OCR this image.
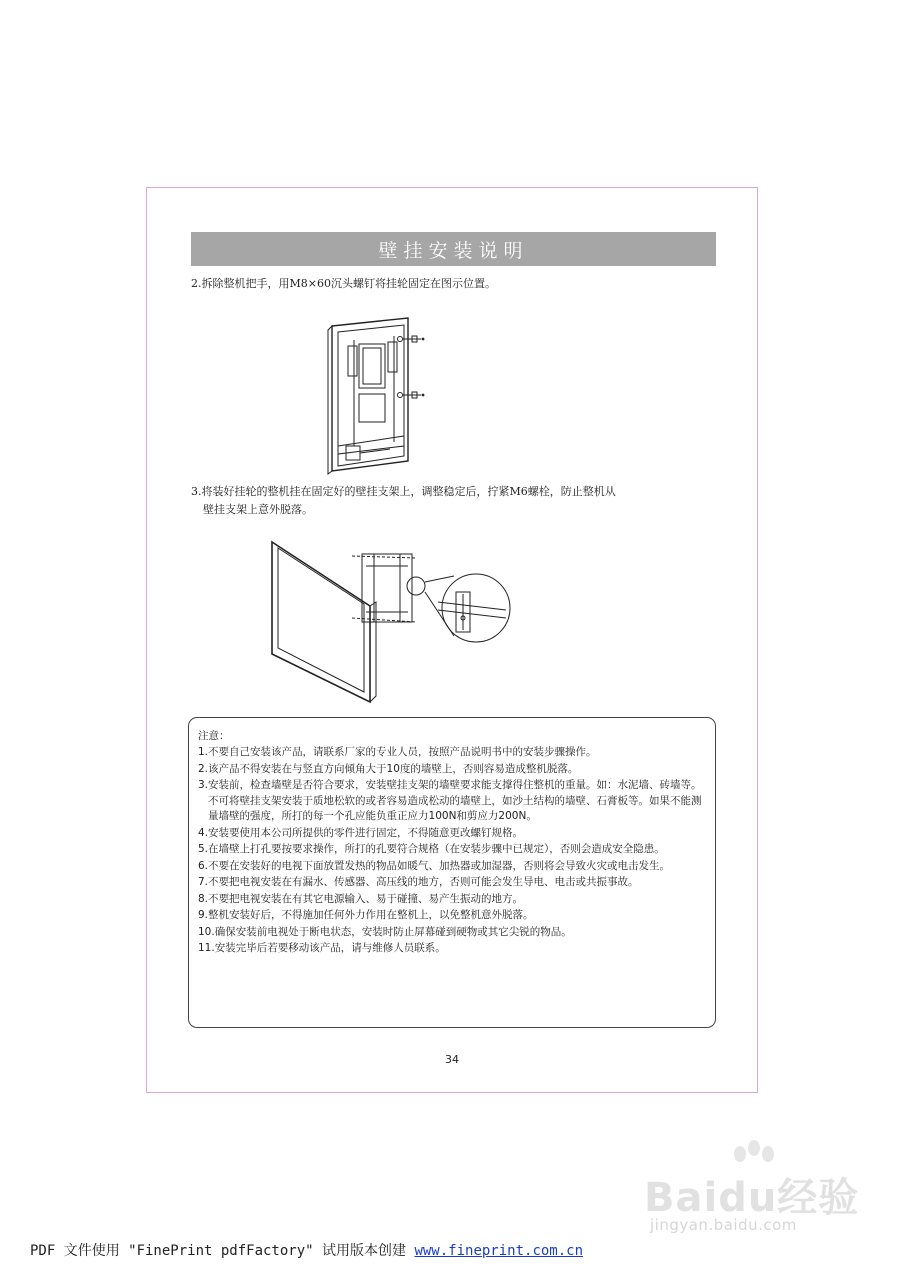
壁挂安装说明
2.拆除整机把手，用M8×60沉头螺钉将挂轮固定在图示位置。
3.将装好挂轮的整机挂在固定好的壁挂支架上，调整稳定后，拧紧M6螺栓，防止整机从
壁挂支架上意外脱落。
注意：
1. 不要自己安装该产品，请联系厂家的专业人员，按照产品说明书中的安装步骤操作。
2. 该产品不得安装在与竖直方向倾角大于10度的墙壁上，否则容易造成整机脱落。
3. 安装前，检查墙壁是否符合要求，安装壁挂支架的墙壁要求能支撑得住整机的重量。如：水泥墙、砖墙等。不可将壁挂支架安装于质地松软的或者容易造成松动的墙壁上，如沙土结构的墙壁、石膏板等。如果不能测量墙壁的强度，所打的每一个孔应能负重正应力100N和剪应力200N。
4. 安装要使用本公司所提供的零件进行固定，不得随意更改螺钉规格。
5. 在墙壁上打孔要按要求操作，所打的孔要符合规格（在安装步骤中已规定），否则会造成安全隐患。
6. 不要在安装好的电视下面放置发热的物品如暖气、加热器或加湿器，否则将会导致火灾或电击发生。
7. 不要把电视安装在有漏水、传感器、高压线的地方，否则可能会发生导电、电击或共振事故。
8. 不要把电视安装在有其它电源输入、易于碰撞、易产生振动的地方。
9. 整机安装好后，不得施加任何外力作用在整机上，以免整机意外脱落。
10. 确保安装前电视处于断电状态，安装时防止屏幕碰到硬物或其它尖锐的物品。
11. 安装完毕后若要移动该产品，请与维修人员联系。
34
Baidu经验
jingyan.baidu.com
PDF 文件使用 "FinePrint pdfFactory" 试用版本创建 www.fineprint.com.cn
